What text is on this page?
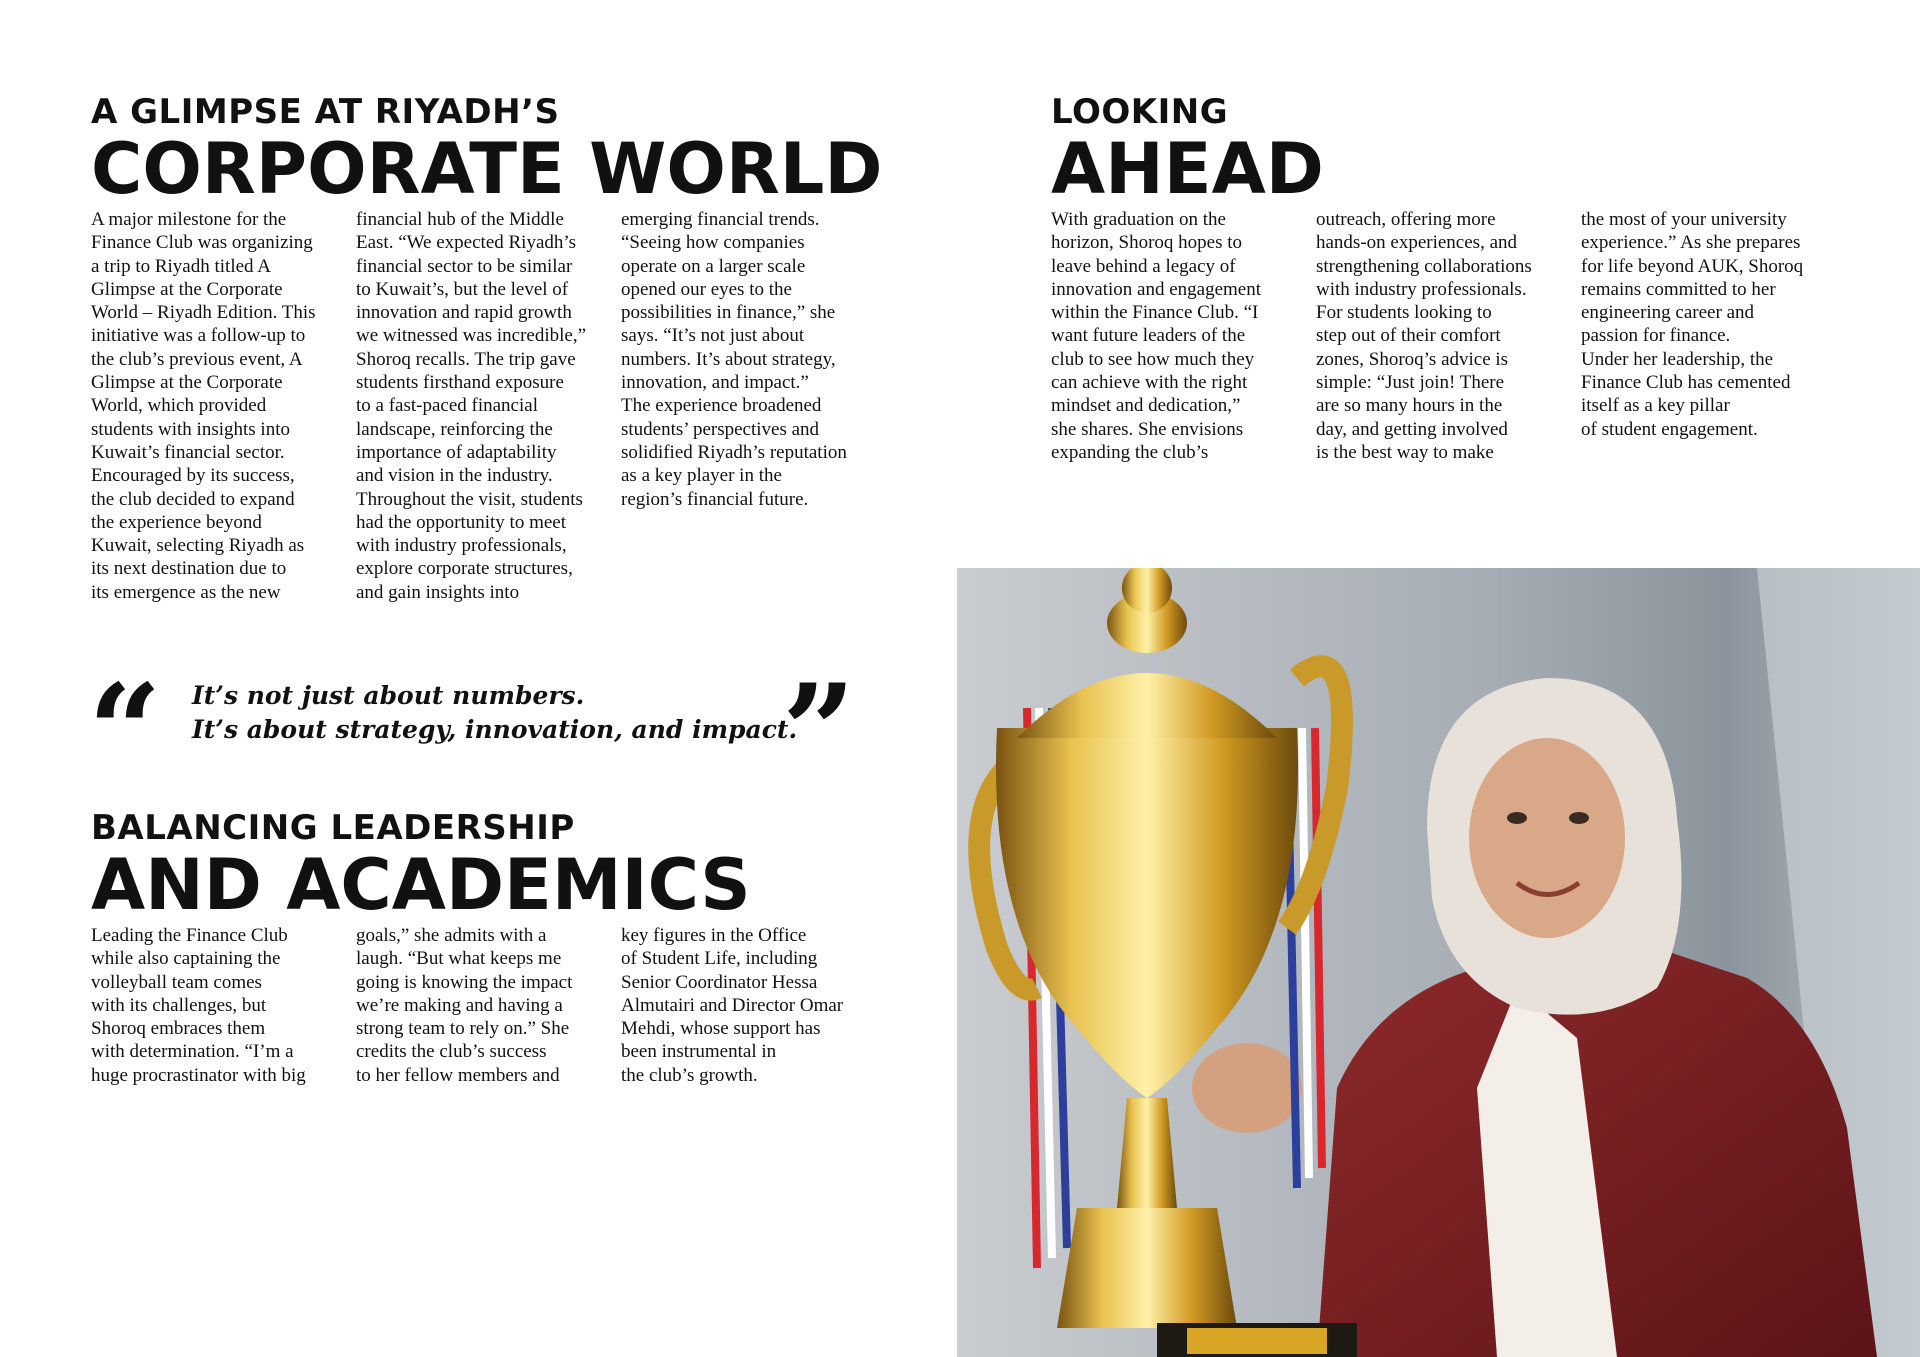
A GLIMPSE AT RIYADH’S
CORPORATE WORLD

A major milestone for the
Finance Club was organizing
a trip to Riyadh titled A
Glimpse at the Corporate
World – Riyadh Edition. This
initiative was a follow-up to
the club’s previous event, A
Glimpse at the Corporate
World, which provided
students with insights into
Kuwait’s financial sector.
Encouraged by its success,
the club decided to expand
the experience beyond
Kuwait, selecting Riyadh as
its next destination due to
its emergence as the new

financial hub of the Middle
East. “We expected Riyadh’s
financial sector to be similar
to Kuwait’s, but the level of
innovation and rapid growth
we witnessed was incredible,”
Shoroq recalls. The trip gave
students firsthand exposure
to a fast-paced financial
landscape, reinforcing the
importance of adaptability
and vision in the industry.
Throughout the visit, students
had the opportunity to meet
with industry professionals,
explore corporate structures,
and gain insights into

emerging financial trends.
“Seeing how companies
operate on a larger scale
opened our eyes to the
possibilities in finance,” she
says. “It’s not just about
numbers. It’s about strategy,
innovation, and impact.”
The experience broadened
students’ perspectives and
solidified Riyadh’s reputation
as a key player in the
region’s financial future.

LOOKING
AHEAD

With graduation on the
horizon, Shoroq hopes to
leave behind a legacy of
innovation and engagement
within the Finance Club. “I
want future leaders of the
club to see how much they
can achieve with the right
mindset and dedication,”
she shares. She envisions
expanding the club’s

outreach, offering more
hands-on experiences, and
strengthening collaborations
with industry professionals.
For students looking to
step out of their comfort
zones, Shoroq’s advice is
simple: “Just join! There
are so many hours in the
day, and getting involved
is the best way to make

the most of your university
experience.” As she prepares
for life beyond AUK, Shoroq
remains committed to her
engineering career and
passion for finance.
Under her leadership, the
Finance Club has cemented
itself as a key pillar
of student engagement.

“ It’s not just about numbers.
It’s about strategy, innovation, and impact.
”
BALANCING LEADERSHIP
AND ACADEMICS

Leading the Finance Club
while also captaining the
volleyball team comes
with its challenges, but
Shoroq embraces them
with determination. “I’m a
huge procrastinator with big

goals,” she admits with a
laugh. “But what keeps me
going is knowing the impact
we’re making and having a
strong team to rely on.” She
credits the club’s success
to her fellow members and

key figures in the Office
of Student Life, including
Senior Coordinator Hessa
Almutairi and Director Omar
Mehdi, whose support has
been instrumental in
the club’s growth.
